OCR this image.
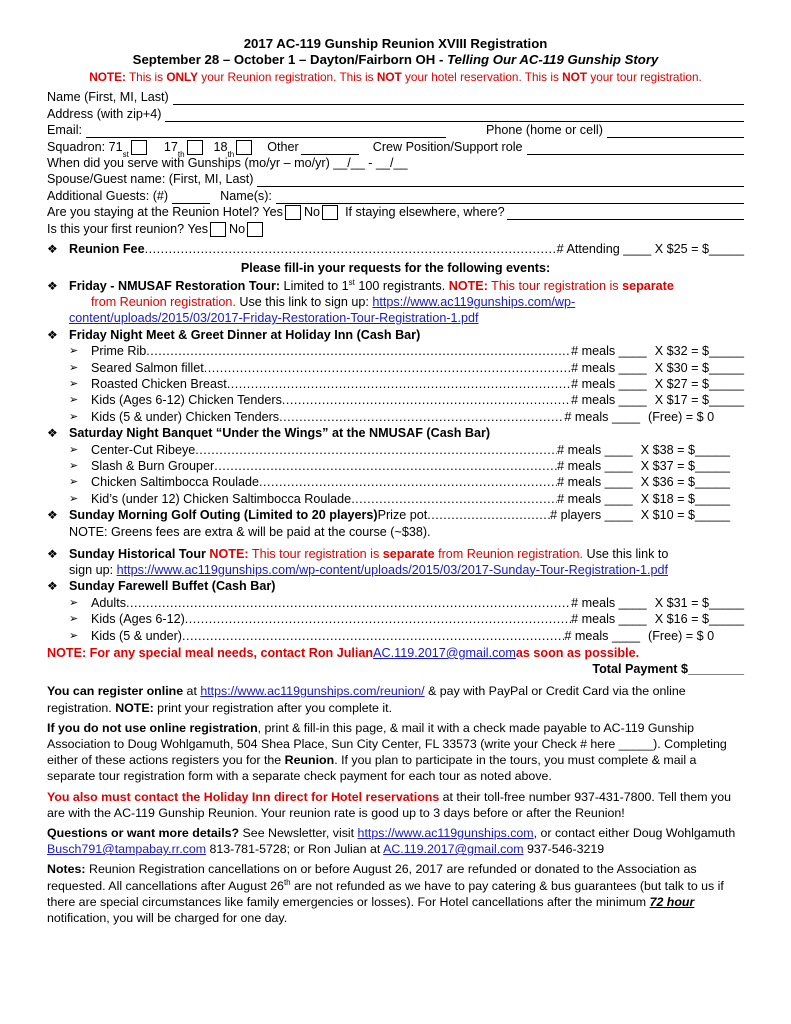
2017 AC-119 Gunship Reunion XVIII Registration
September 28 – October 1 – Dayton/Fairborn OH - Telling Our AC-119 Gunship Story
NOTE: This is ONLY your Reunion registration. This is NOT your hotel reservation. This is NOT your tour registration.
Name (First, MI, Last)
Address (with zip+4)
Email:	Phone (home or cell)
Squadron: 71
st
17
th
18
th
Other	Crew Position/Support role
When did you serve with Gunships (mo/yr – mo/yr) __/__ - __/__
Spouse/Guest name: (First, MI, Last)
Additional Guests: (#)	Name(s):
Are you staying at the Reunion Hotel? Yes No If staying elsewhere, where?
Is this your first reunion? Yes No
❖ Reunion Fee .....	# Attending ____ X $25 = $_____
Please fill-in your requests for the following events:
❖ Friday - NMUSAF Restoration Tour: Limited to 1st 100 registrants. NOTE: This tour registration is separate
from Reunion registration. Use this link to sign up: https://www.ac119gunships.com/wp-
content/uploads/2015/03/2017-Friday-Restoration-Tour-Registration-1.pdf
❖ Friday Night Meet & Greet Dinner at Holiday Inn (Cash Bar)
➢	Prime Rib .....	# meals ____ X $32 = $_____
➢	Seared Salmon fillet .....	# meals ____ X $30 = $_____
➢	Roasted Chicken Breast .....	# meals ____ X $27 = $_____
➢	Kids (Ages 6-12) Chicken Tenders .....	# meals ____ X $17 = $_____
➢	Kids (5 & under) Chicken Tenders .....	# meals ____ (Free) = $ 0
❖ Saturday Night Banquet “Under the Wings” at the NMUSAF (Cash Bar)
➢	Center-Cut Ribeye .....	# meals ____ X $38 = $_____
➢	Slash & Burn Grouper .....	# meals ____ X $37 = $_____
➢	Chicken Saltimbocca Roulade .....	# meals ____ X $36 = $_____
➢	Kid’s (under 12) Chicken Saltimbocca Roulade .....	# meals ____ X $18 = $_____
❖ Sunday Morning Golf Outing (Limited to 20 players) Prize pot .....	# players ____ X $10 = $_____
NOTE: Greens fees are extra & will be paid at the course (~$38).
❖ Sunday Historical Tour NOTE: This tour registration is separate from Reunion registration. Use this link to
sign up: https://www.ac119gunships.com/wp-content/uploads/2015/03/2017-Sunday-Tour-Registration-1.pdf
❖ Sunday Farewell Buffet (Cash Bar)
➢	Adults .....	# meals ____ X $31 = $_____
➢	Kids (Ages 6-12) .....	# meals ____ X $16 = $_____
➢	Kids (5 & under) .....	# meals ____ (Free) = $ 0
NOTE: For any special meal needs, contact Ron Julian AC.119.2017@gmail.com as soon as possible.
Total Payment $________
You can register online at https://www.ac119gunships.com/reunion/ & pay with PayPal or Credit Card via the online registration. NOTE: print your registration after you complete it.
If you do not use online registration, print & fill-in this page, & mail it with a check made payable to AC-119 Gunship Association to Doug Wohlgamuth, 504 Shea Place, Sun City Center, FL 33573 (write your Check # here _____). Completing either of these actions registers you for the Reunion. If you plan to participate in the tours, you must complete & mail a separate tour registration form with a separate check payment for each tour as noted above.
You also must contact the Holiday Inn direct for Hotel reservations at their toll-free number 937-431-7800. Tell them you are with the AC-119 Gunship Reunion. Your reunion rate is good up to 3 days before or after the Reunion!
Questions or want more details? See Newsletter, visit https://www.ac119gunships.com, or contact either Doug Wohlgamuth Busch791@tampabay.rr.com 813-781-5728; or Ron Julian at AC.119.2017@gmail.com 937-546-3219
Notes: Reunion Registration cancellations on or before August 26, 2017 are refunded or donated to the Association as requested. All cancellations after August 26th are not refunded as we have to pay catering & bus guarantees (but talk to us if there are special circumstances like family emergencies or losses). For Hotel cancellations after the minimum 72 hour notification, you will be charged for one day.
